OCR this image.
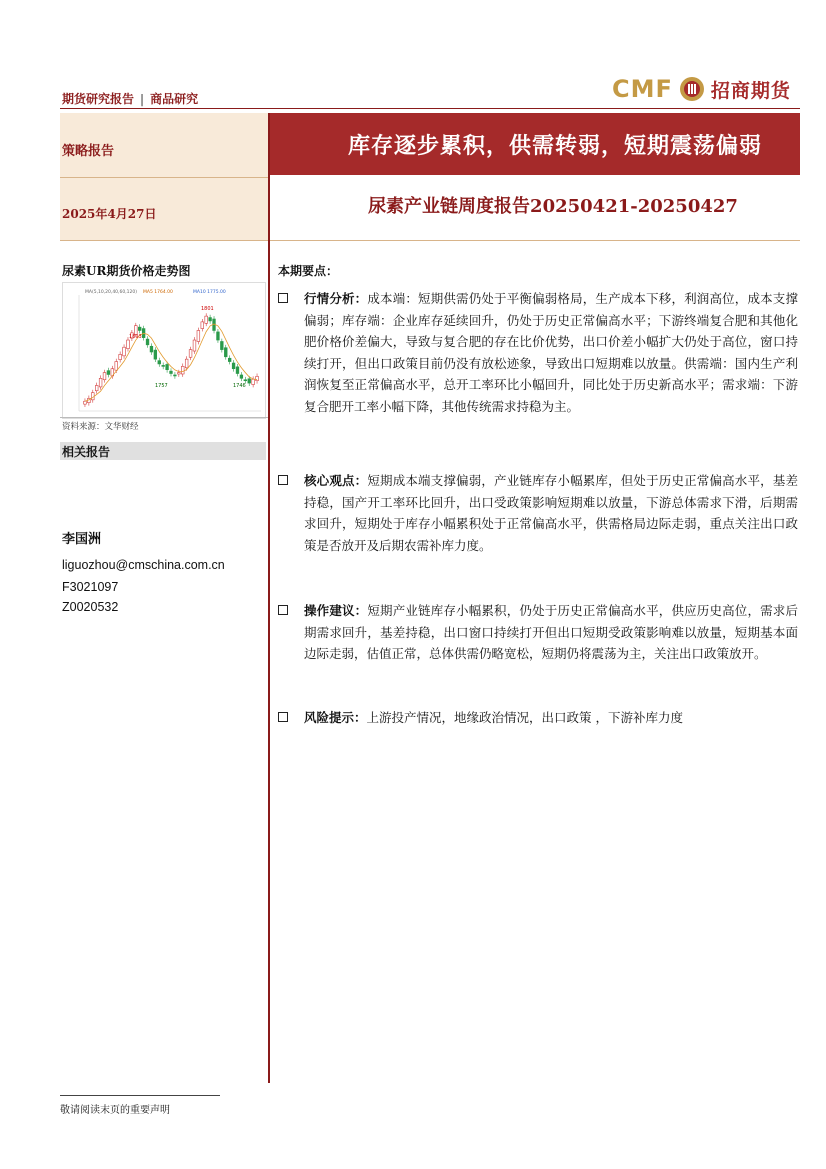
期货研究报告 | 商品研究	CMF 招商期货
策略报告
2025年4月27日
库存逐步累积，供需转弱，短期震荡偏弱
尿素产业链周度报告20250421-20250427
尿素UR期货价格走势图
MA(5,10,20,40,60,120) MA5 1764.00	MA10 1775.00
1893
1801
1757	1746
资料来源：文华财经
相关报告
李国洲
liguozhou@cmschina.com.cn
F3021097
Z0020532
本期要点：
行情分析：成本端：短期供需仍处于平衡偏弱格局，生产成本下移，利润高位，成本支撑偏弱；库存端：企业库存延续回升，仍处于历史正常偏高水平；下游终端复合肥和其他化肥价格价差偏大，导致与复合肥的存在比价优势，出口价差小幅扩大仍处于高位，窗口持续打开，但出口政策目前仍没有放松迹象，导致出口短期难以放量。供需端：国内生产利润恢复至正常偏高水平，总开工率环比小幅回升，同比处于历史新高水平；需求端：下游复合肥开工率小幅下降，其他传统需求持稳为主。
核心观点：短期成本端支撑偏弱，产业链库存小幅累库，但处于历史正常偏高水平，基差持稳，国产开工率环比回升，出口受政策影响短期难以放量，下游总体需求下滑，后期需求回升，短期处于库存小幅累积处于正常偏高水平，供需格局边际走弱，重点关注出口政策是否放开及后期农需补库力度。
操作建议：短期产业链库存小幅累积，仍处于历史正常偏高水平，供应历史高位，需求后期需求回升，基差持稳，出口窗口持续打开但出口短期受政策影响难以放量，短期基本面边际走弱，估值正常，总体供需仍略宽松，短期仍将震荡为主，关注出口政策放开。
风险提示：上游投产情况，地缘政治情况，出口政策 ，下游补库力度
敬请阅读末页的重要声明
